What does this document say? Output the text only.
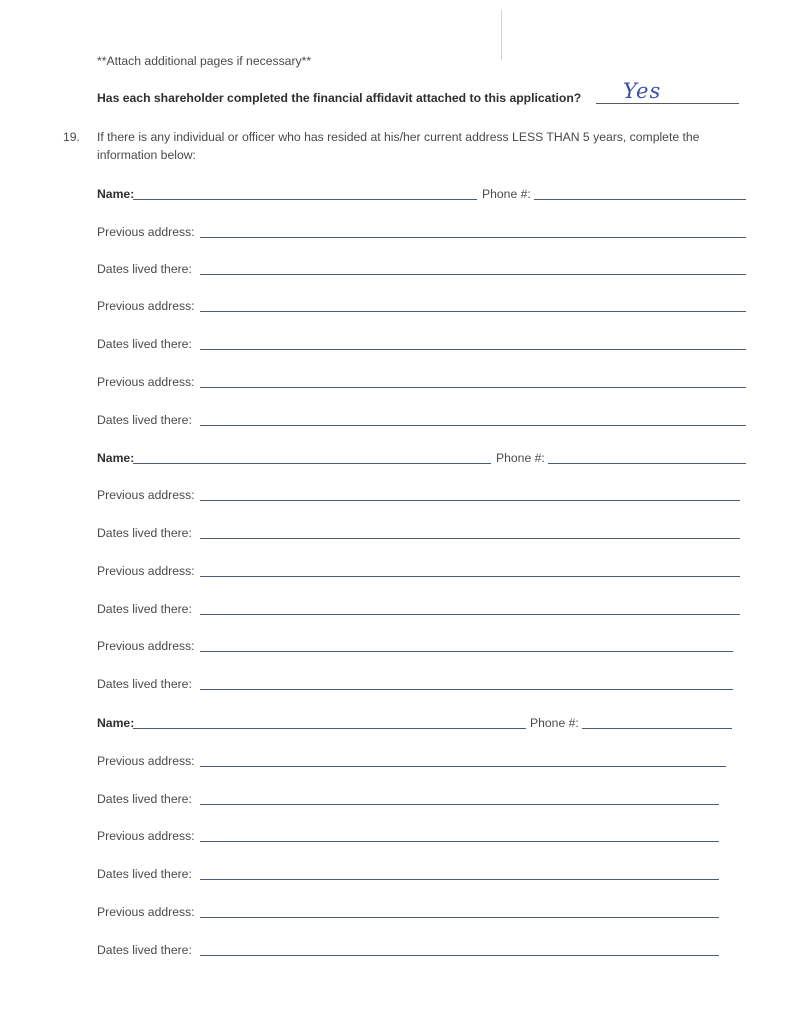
**Attach additional pages if necessary**
Has each shareholder completed the financial affidavit attached to this application? Yes
19. If there is any individual or officer who has resided at his/her current address LESS THAN 5 years, complete the
information below:
Name:	Phone #:
Previous address:
Dates lived there:
Previous address:
Dates lived there:
Previous address:
Dates lived there:
Name:	Phone #:
Previous address:
Dates lived there:
Previous address:
Dates lived there:
Previous address:
Dates lived there:
Name:	Phone #:
Previous address:
Dates lived there:
Previous address:
Dates lived there:
Previous address:
Dates lived there:
